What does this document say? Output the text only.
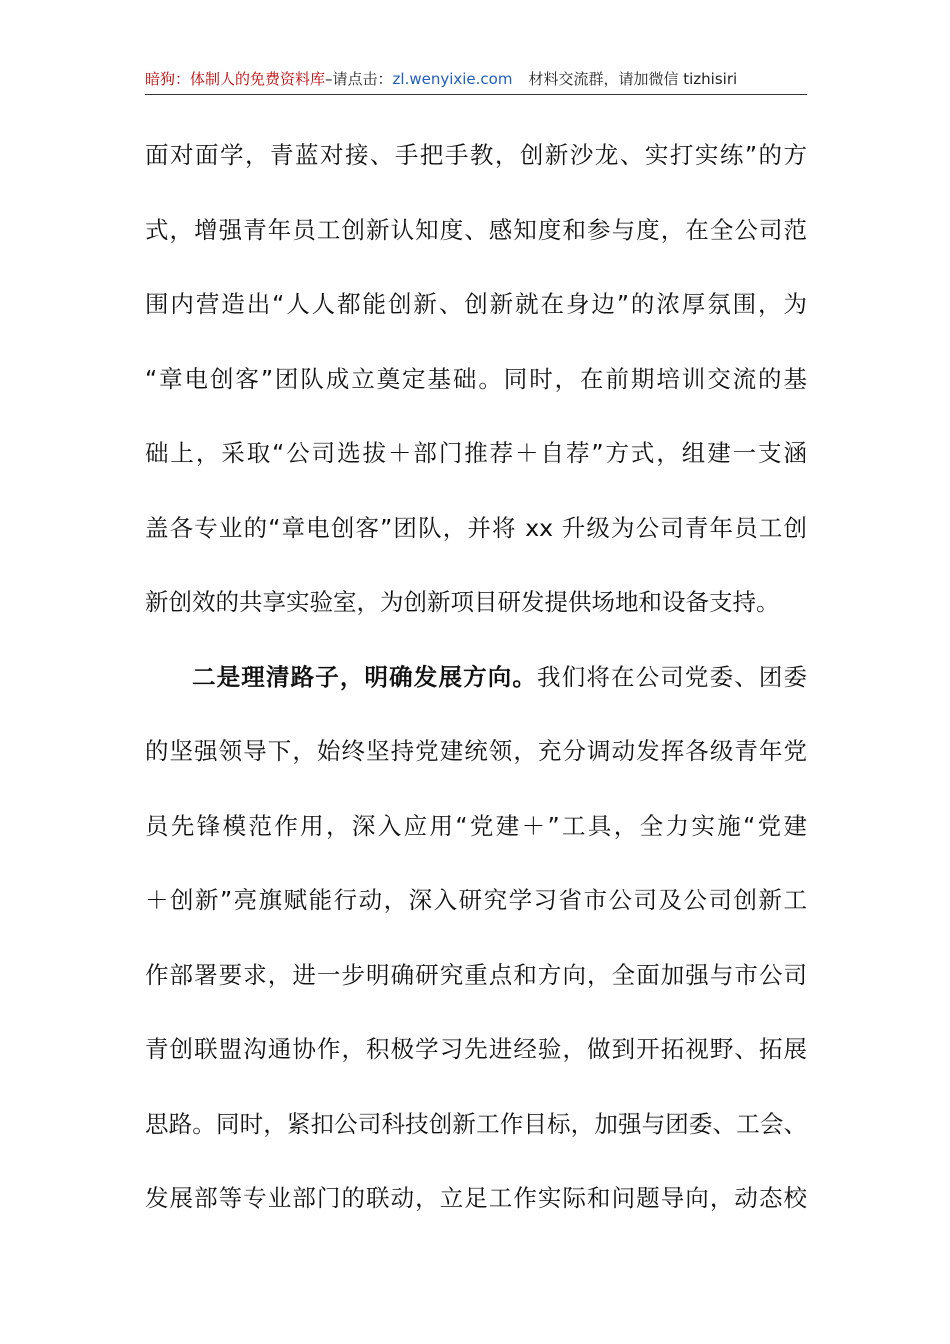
暗狗：体制人的免费资料库–请点击：zl.wenyixie.com 材料交流群，请加微信 tizhisiri
面对面学，青蓝对接、手把手教，创新沙龙、实打实练”的方
式，增强青年员工创新认知度、感知度和参与度，在全公司范
围内营造出“人人都能创新、创新就在身边”的浓厚氛围，为
“章电创客”团队成立奠定基础。同时，在前期培训交流的基
础上，采取“公司选拔＋部门推荐＋自荐”方式，组建一支涵
盖各专业的“章电创客”团队，并将 xx 升级为公司青年员工创
新创效的共享实验室，为创新项目研发提供场地和设备支持。
二是理清路子，明确发展方向。我们将在公司党委、团委
的坚强领导下，始终坚持党建统领，充分调动发挥各级青年党
员先锋模范作用，深入应用“党建＋”工具，全力实施“党建
＋创新”亮旗赋能行动，深入研究学习省市公司及公司创新工
作部署要求，进一步明确研究重点和方向，全面加强与市公司
青创联盟沟通协作，积极学习先进经验，做到开拓视野、拓展
思路。同时，紧扣公司科技创新工作目标，加强与团委、工会、
发展部等专业部门的联动，立足工作实际和问题导向，动态校
